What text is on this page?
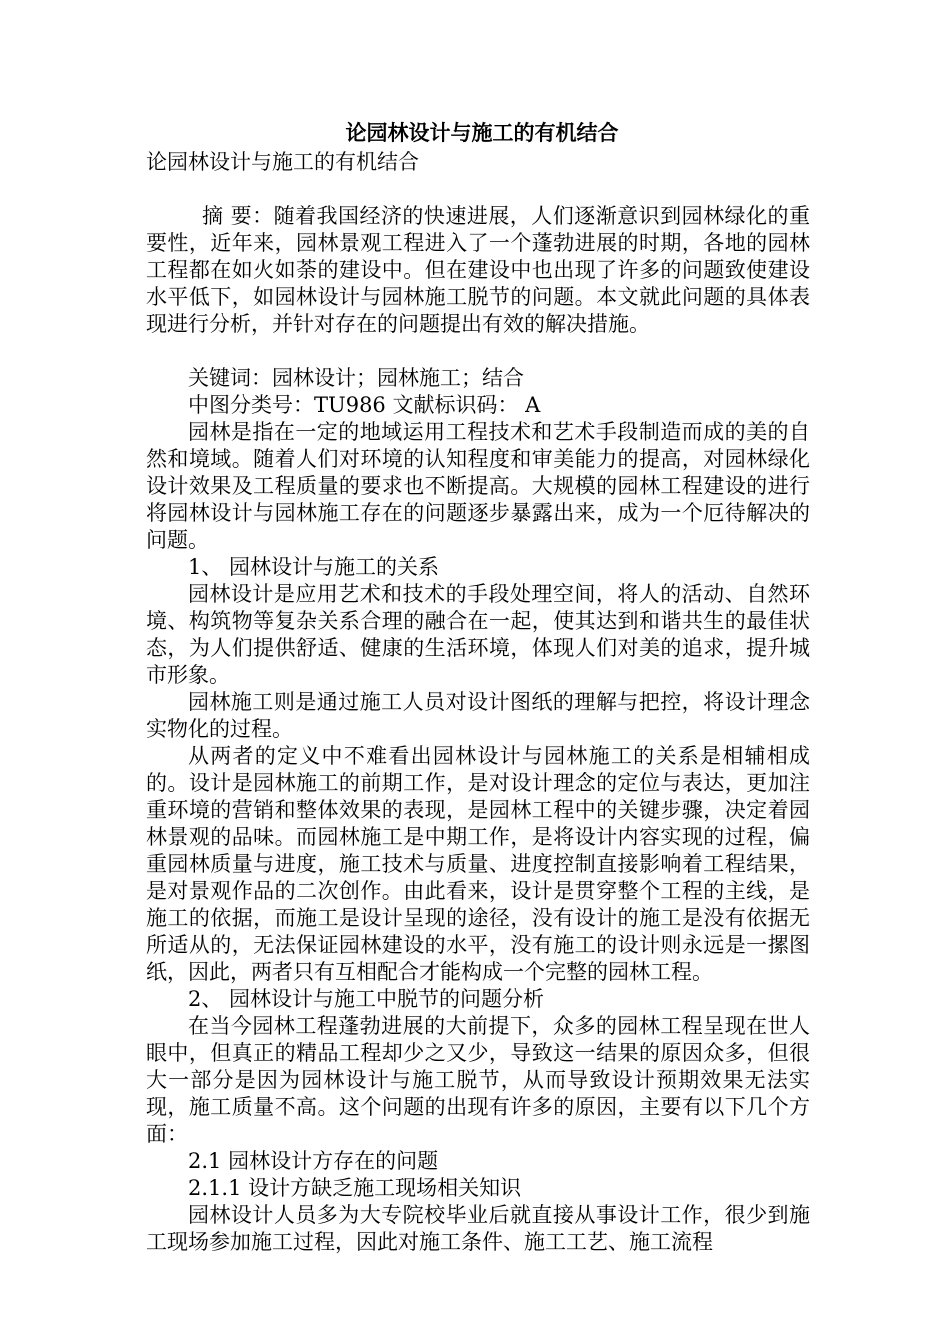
论园林设计与施工的有机结合

论园林设计与施工的有机结合

摘 要：随着我国经济的快速进展，人们逐渐意识到园林绿化的重要性，近年来，园林景观工程进入了一个蓬勃进展的时期，各地的园林工程都在如火如荼的建设中。但在建设中也出现了许多的问题致使建设水平低下，如园林设计与园林施工脱节的问题。本文就此问题的具体表现进行分析，并针对存在的问题提出有效的解决措施。

关键词：园林设计；园林施工；结合

中图分类号：TU986 文献标识码： A

园林是指在一定的地域运用工程技术和艺术手段制造而成的美的自然和境域。随着人们对环境的认知程度和审美能力的提高，对园林绿化设计效果及工程质量的要求也不断提高。大规模的园林工程建设的进行将园林设计与园林施工存在的问题逐步暴露出来，成为一个厄待解决的问题。

1、 园林设计与施工的关系

园林设计是应用艺术和技术的手段处理空间，将人的活动、自然环境、构筑物等复杂关系合理的融合在一起，使其达到和谐共生的最佳状态，为人们提供舒适、健康的生活环境，体现人们对美的追求，提升城市形象。

园林施工则是通过施工人员对设计图纸的理解与把控，将设计理念实物化的过程。

从两者的定义中不难看出园林设计与园林施工的关系是相辅相成的。设计是园林施工的前期工作，是对设计理念的定位与表达，更加注重环境的营销和整体效果的表现，是园林工程中的关键步骤，决定着园林景观的品味。而园林施工是中期工作，是将设计内容实现的过程，偏重园林质量与进度，施工技术与质量、进度控制直接影响着工程结果，是对景观作品的二次创作。由此看来，设计是贯穿整个工程的主线，是施工的依据，而施工是设计呈现的途径，没有设计的施工是没有依据无所适从的，无法保证园林建设的水平，没有施工的设计则永远是一摞图纸，因此，两者只有互相配合才能构成一个完整的园林工程。

2、 园林设计与施工中脱节的问题分析

在当今园林工程蓬勃进展的大前提下，众多的园林工程呈现在世人眼中，但真正的精品工程却少之又少，导致这一结果的原因众多，但很大一部分是因为园林设计与施工脱节，从而导致设计预期效果无法实现，施工质量不高。这个问题的出现有许多的原因，主要有以下几个方面：

2.1 园林设计方存在的问题

2.1.1 设计方缺乏施工现场相关知识

园林设计人员多为大专院校毕业后就直接从事设计工作，很少到施工现场参加施工过程，因此对施工条件、施工工艺、施工流程
